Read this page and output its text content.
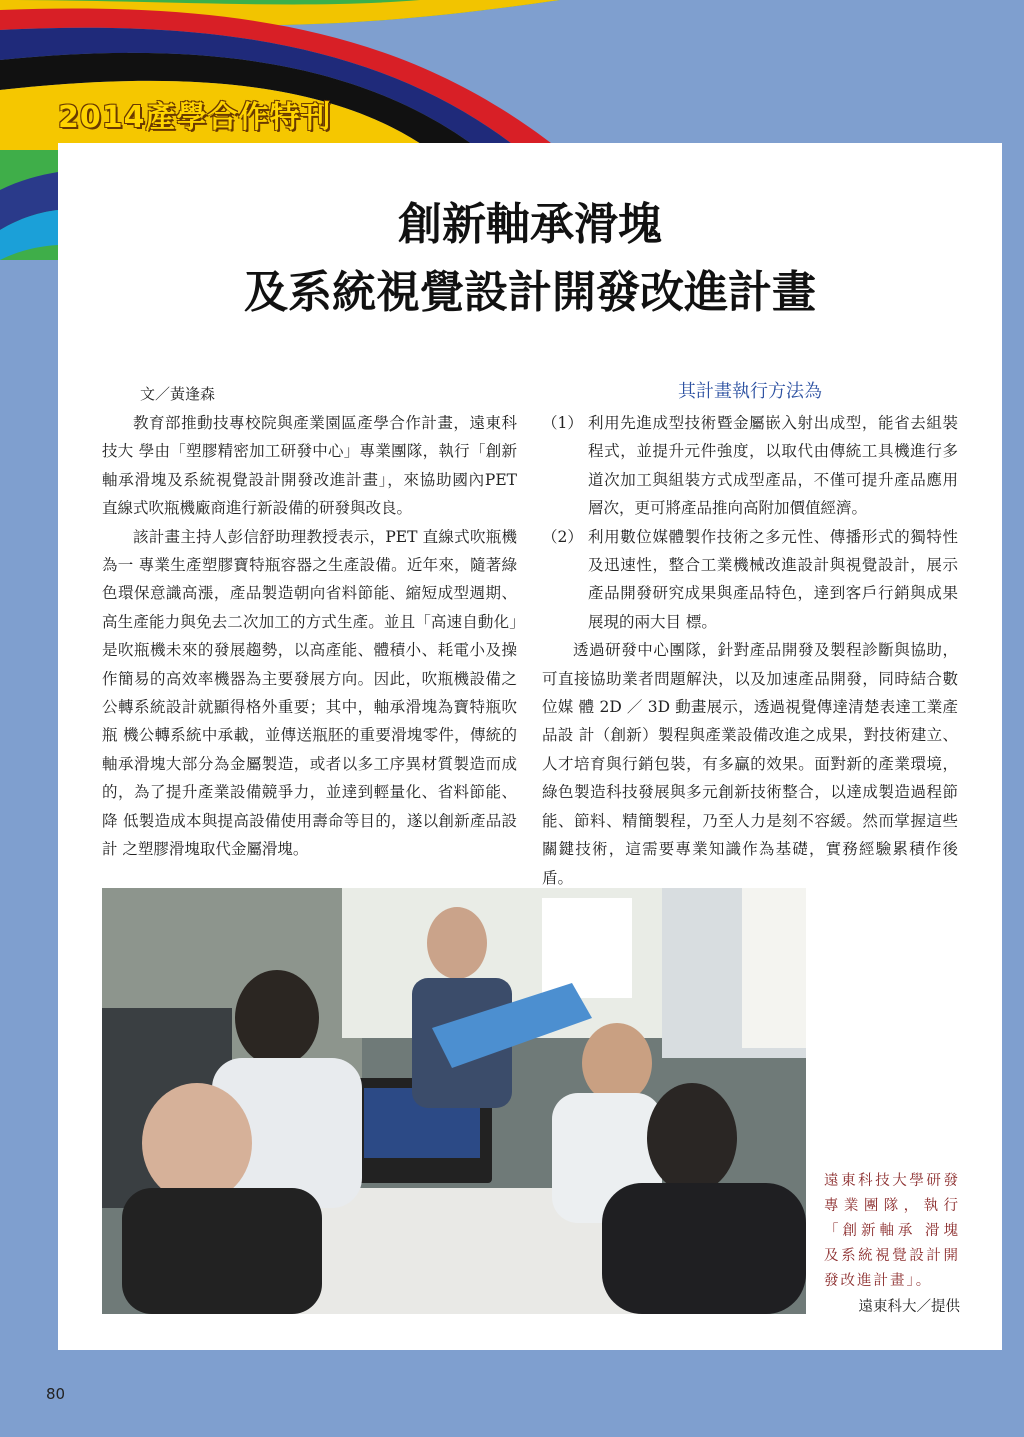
2014產學合作特刊
創新軸承滑塊
及系統視覺設計開發改進計畫
文／黃逢森

教育部推動技專校院與產業園區產學合作計畫，遠東科技大 學由「塑膠精密加工研發中心」專業團隊，執行「創新軸承滑塊及系統視覺設計開發改進計畫」，來協助國內PET 直線式吹瓶機廠商進行新設備的研發與改良。

該計畫主持人彭信舒助理教授表示，PET 直線式吹瓶機為一 專業生產塑膠寶特瓶容器之生產設備。近年來，隨著綠色環保意識高漲，產品製造朝向省料節能、縮短成型週期、高生產能力與免去二次加工的方式生產。並且「高速自動化」是吹瓶機未來的發展趨勢，以高產能、體積小、耗電小及操作簡易的高效率機器為主要發展方向。因此，吹瓶機設備之公轉系統設計就顯得格外重要；其中，軸承滑塊為寶特瓶吹瓶 機公轉系統中承載，並傳送瓶胚的重要滑塊零件，傳統的軸承滑塊大部分為金屬製造，或者以多工序異材質製造而成的，為了提升產業設備競爭力，並達到輕量化、省料節能、降 低製造成本與提高設備使用壽命等目的，遂以創新產品設計 之塑膠滑塊取代金屬滑塊。

其計畫執行方法為
（1） 利用先進成型技術暨金屬嵌入射出成型，能省去組裝 程式，並提升元件強度，以取代由傳統工具機進行多道次加工與組裝方式成型產品，不僅可提升產品應用層次，更可將產品推向高附加價值經濟。
（2） 利用數位媒體製作技術之多元性、傳播形式的獨特性及迅速性，整合工業機械改進設計與視覺設計，展示產品開發研究成果與產品特色，達到客戶行銷與成果展現的兩大目 標。

透過研發中心團隊，針對產品開發及製程診斷與協助，可直接協助業者問題解決，以及加速產品開發，同時結合數位媒 體 2D ／ 3D 動畫展示，透過視覺傳達清楚表達工業產品設 計（創新）製程與產業設備改進之成果，對技術建立、人才培育與行銷包裝，有多贏的效果。面對新的產業環境，綠色製造科技發展與多元創新技術整合，以達成製造過程節能、節料、精簡製程，乃至人力是刻不容緩。然而掌握這些關鍵技術，這需要專業知識作為基礎，實務經驗累積作後盾。

遠東科技大學研發專業團隊，執行「創新軸承 滑塊及系統視覺設計開發改進計畫」。
遠東科大／提供
80
